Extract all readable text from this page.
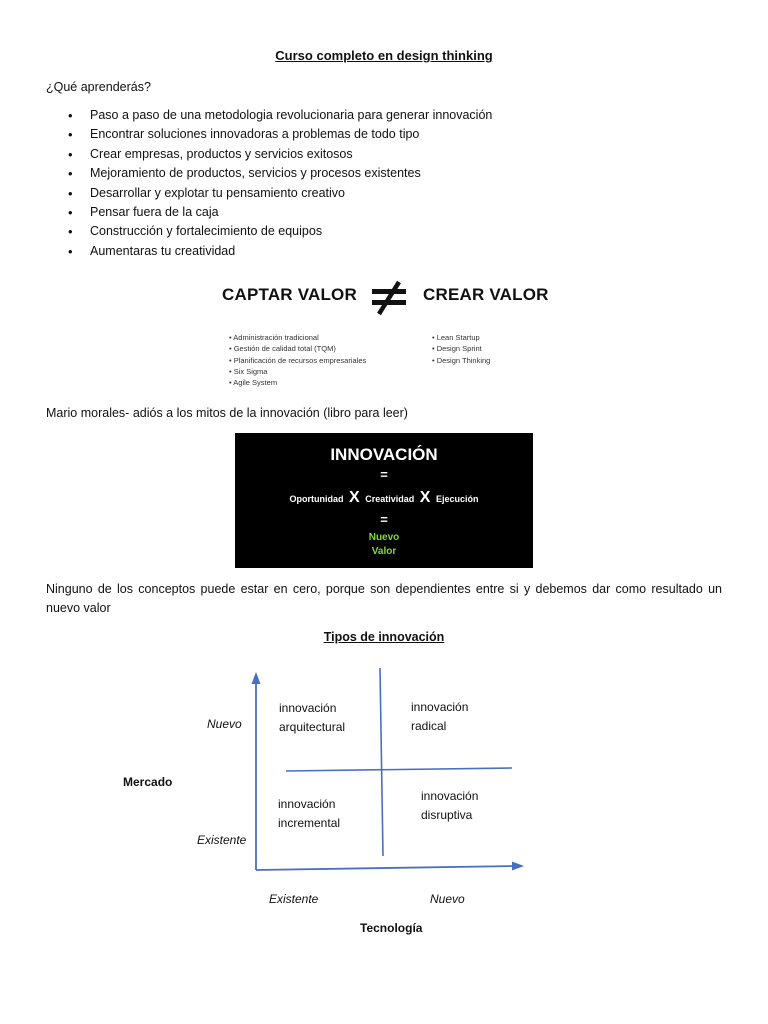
Curso completo en design thinking
¿Qué aprenderás?
• Paso a paso de una metodologia revolucionaria para generar innovación
• Encontrar soluciones innovadoras a problemas de todo tipo
• Crear empresas, productos y servicios exitosos
• Mejoramiento de productos, servicios y procesos existentes
• Desarrollar y explotar tu pensamiento creativo
• Pensar fuera de la caja
• Construcción y fortalecimiento de equipos
• Aumentaras tu creatividad
CAPTAR VALOR	CREAR VALOR
• Administración tradicional
• Gestión de calidad total (TQM)
• Planificación de recursos empresariales
• Six Sigma
• Agile System
• Lean Startup
• Design Sprint
• Design Thinking
Mario morales- adiós a los mitos de la innovación (libro para leer)
INNOVACIÓN
=
Oportunidad X Creatividad X Ejecución
=
Nuevo
Valor
Ninguno de los conceptos puede estar en cero, porque son dependientes entre si y debemos dar como resultado un nuevo valor
Tipos de innovación
Nuevo
Existente
Mercado
Existente	Nuevo
Tecnología
innovación
arquitectural
innovación
radical
innovación
incremental
innovación
disruptiva
